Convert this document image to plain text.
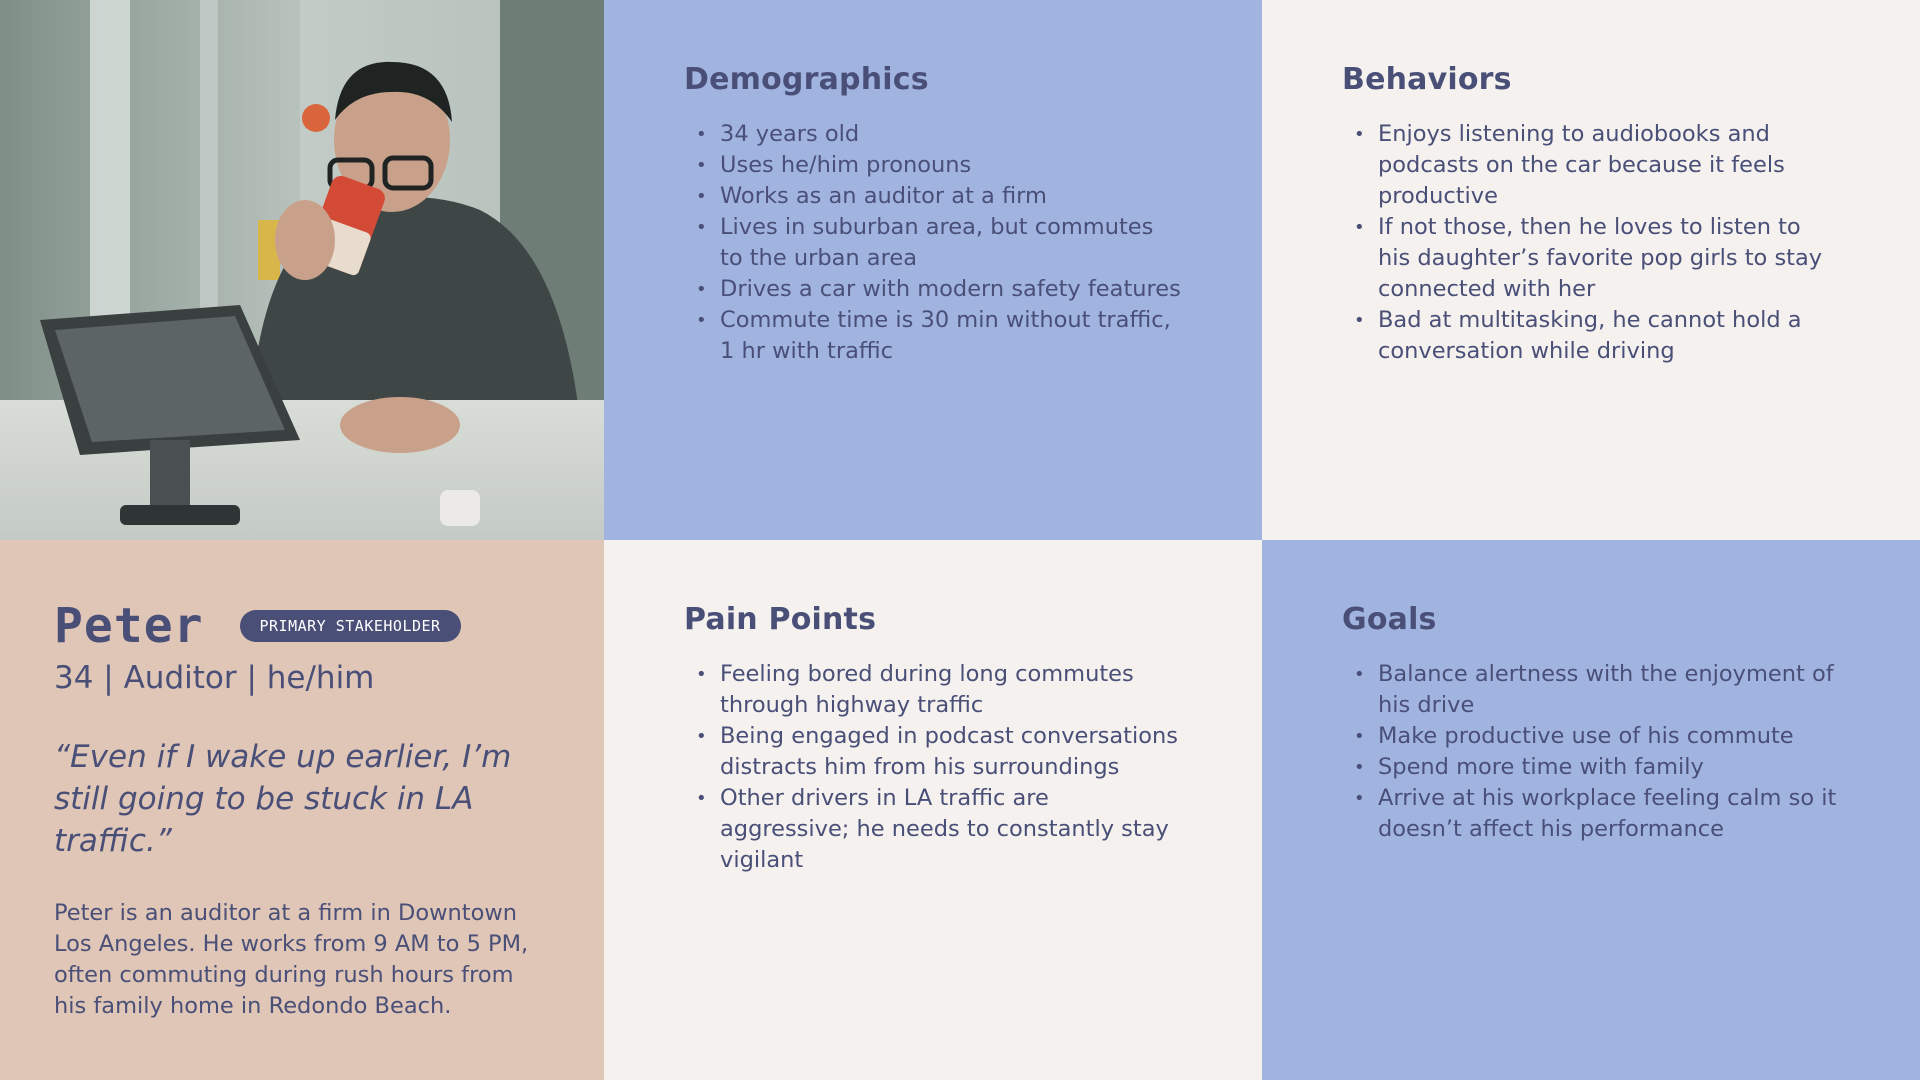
Demographics
• 34 years old
• Uses he/him pronouns
• Works as an auditor at a firm
• Lives in suburban area, but commutes to the urban area
• Drives a car with modern safety features
• Commute time is 30 min without traffic, 1 hr with traffic
Behaviors
• Enjoys listening to audiobooks and podcasts on the car because it feels productive
• If not those, then he loves to listen to his daughter’s favorite pop girls to stay connected with her
• Bad at multitasking, he cannot hold a conversation while driving
Peter	PRIMARY STAKEHOLDER
34 | Auditor | he/him
“Even if I wake up earlier, I’m still going to be stuck in LA traffic.”
Peter is an auditor at a firm in Downtown Los Angeles. He works from 9 AM to 5 PM, often commuting during rush hours from his family home in Redondo Beach.
Pain Points
• Feeling bored during long commutes through highway traffic
• Being engaged in podcast conversations distracts him from his surroundings
• Other drivers in LA traffic are aggressive; he needs to constantly stay vigilant
Goals
• Balance alertness with the enjoyment of his drive
• Make productive use of his commute
• Spend more time with family
• Arrive at his workplace feeling calm so it doesn’t affect his performance
